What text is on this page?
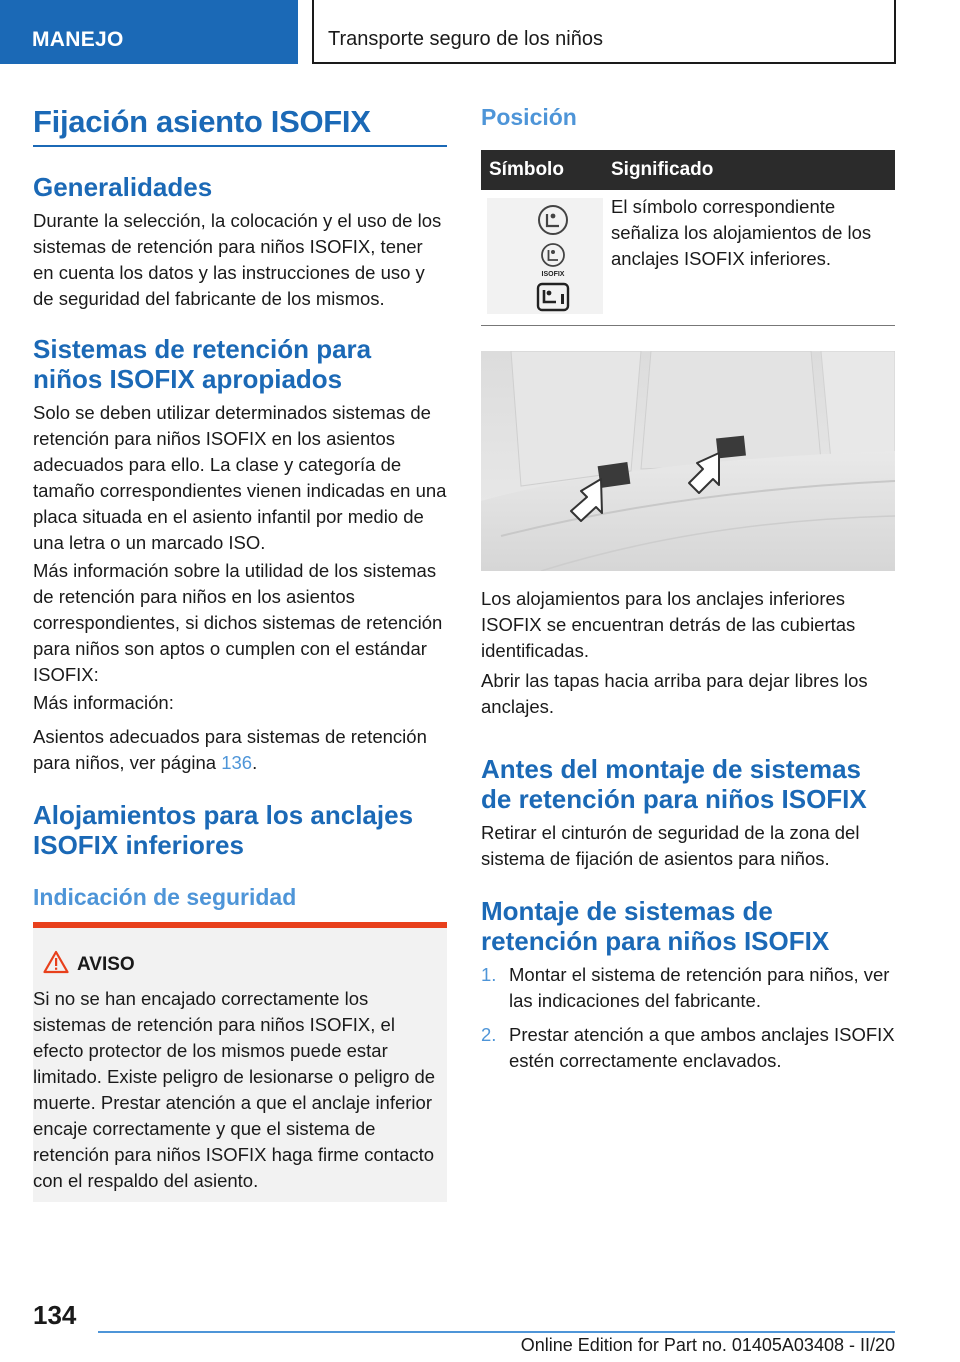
MANEJO	Transporte seguro de los niños
Fijación asiento ISOFIX
Generalidades

Durante la selección, la colocación y el uso de los sistemas de retención para niños ISOFIX, tener en cuenta los datos y las instrucciones de uso y de seguridad del fabricante de los mismos.

Sistemas de retención para niños ISOFIX apropiados

Solo se deben utilizar determinados sistemas de retención para niños ISOFIX en los asientos adecuados para ello. La clase y categoría de tamaño correspondientes vienen indicadas en una placa situada en el asiento infantil por medio de una letra o un marcado ISO.

Más información sobre la utilidad de los sistemas de retención para niños en los asientos correspondientes, si dichos sistemas de retención para niños son aptos o cumplen con el estándar ISOFIX:

Más información:

Asientos adecuados para sistemas de retención para niños, ver página 136.

Alojamientos para los anclajes ISOFIX inferiores
Indicación de seguridad
AVISO
Si no se han encajado correctamente los sistemas de retención para niños ISOFIX, el efecto protector de los mismos puede estar limitado. Existe peligro de lesionarse o peligro de muerte. Prestar atención a que el anclaje inferior encaje correctamente y que el sistema de retención para niños ISOFIX haga firme contacto con el respaldo del asiento.
Posición
Símbolo	Significado

ISOFIX	El símbolo correspondiente señaliza los alojamientos de los anclajes ISOFIX inferiores.

Los alojamientos para los anclajes inferiores ISOFIX se encuentran detrás de las cubiertas identificadas.

Abrir las tapas hacia arriba para dejar libres los anclajes.

Antes del montaje de sistemas de retención para niños ISOFIX

Retirar el cinturón de seguridad de la zona del sistema de fijación de asientos para niños.

Montaje de sistemas de retención para niños ISOFIX
1. Montar el sistema de retención para niños, ver las indicaciones del fabricante.
2. Prestar atención a que ambos anclajes ISOFIX estén correctamente enclavados.
134
Online Edition for Part no. 01405A03408 - II/20
